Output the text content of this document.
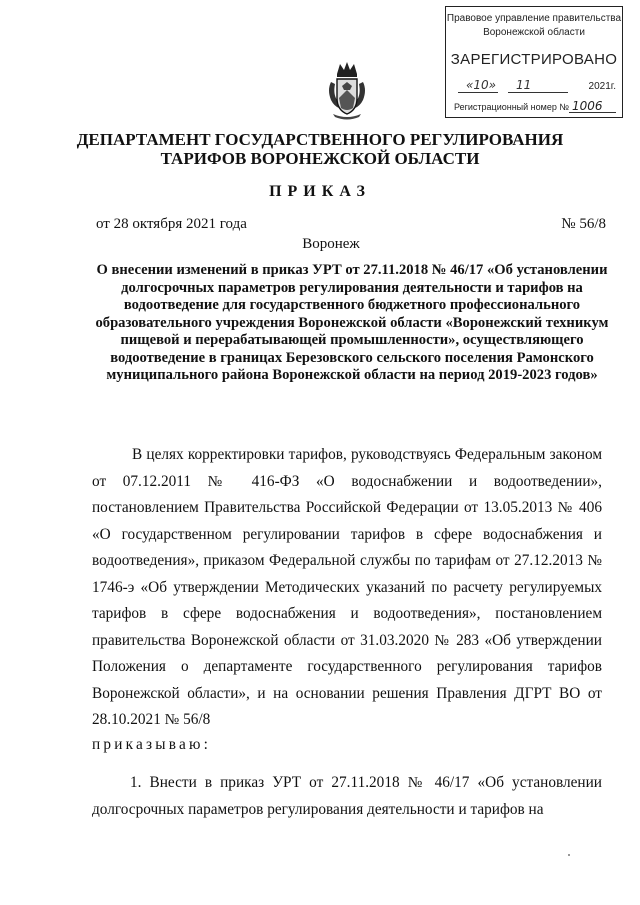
Правовое управление правительства
Воронежской области
ЗАРЕГИСТРИРОВАНО
«10» 11	2021г.
Регистрационный номер № 1006
ДЕПАРТАМЕНТ ГОСУДАРСТВЕННОГО РЕГУЛИРОВАНИЯ ТАРИФОВ ВОРОНЕЖСКОЙ ОБЛАСТИ
ПРИКАЗ
от 28 октября 2021 года	№ 56/8
Воронеж
О внесении изменений в приказ УРТ от 27.11.2018 № 46/17 «Об установлении долгосрочных параметров регулирования деятельности и тарифов на водоотведение для государственного бюджетного профессионального образовательного учреждения Воронежской области «Воронежский техникум пищевой и перерабатывающей промышленности», осуществляющего водоотведение в границах Березовского сельского поселения Рамонского муниципального района Воронежской области на период 2019-2023 годов»
В целях корректировки тарифов, руководствуясь Федеральным законом от 07.12.2011 № 416-ФЗ «О водоснабжении и водоотведении», постановлением Правительства Российской Федерации от 13.05.2013 № 406 «О государственном регулировании тарифов в сфере водоснабжения и водоотведения», приказом Федеральной службы по тарифам от 27.12.2013 № 1746-э «Об утверждении Методических указаний по расчету регулируемых тарифов в сфере водоснабжения и водоотведения», постановлением правительства Воронежской области от 31.03.2020 № 283 «Об утверждении Положения о департаменте государственного регулирования тарифов Воронежской области», и на основании решения Правления ДГРТ ВО от 28.10.2021 № 56/8
приказываю:
1. Внести в приказ УРТ от 27.11.2018 № 46/17 «Об установлении долгосрочных параметров регулирования деятельности и тарифов на
